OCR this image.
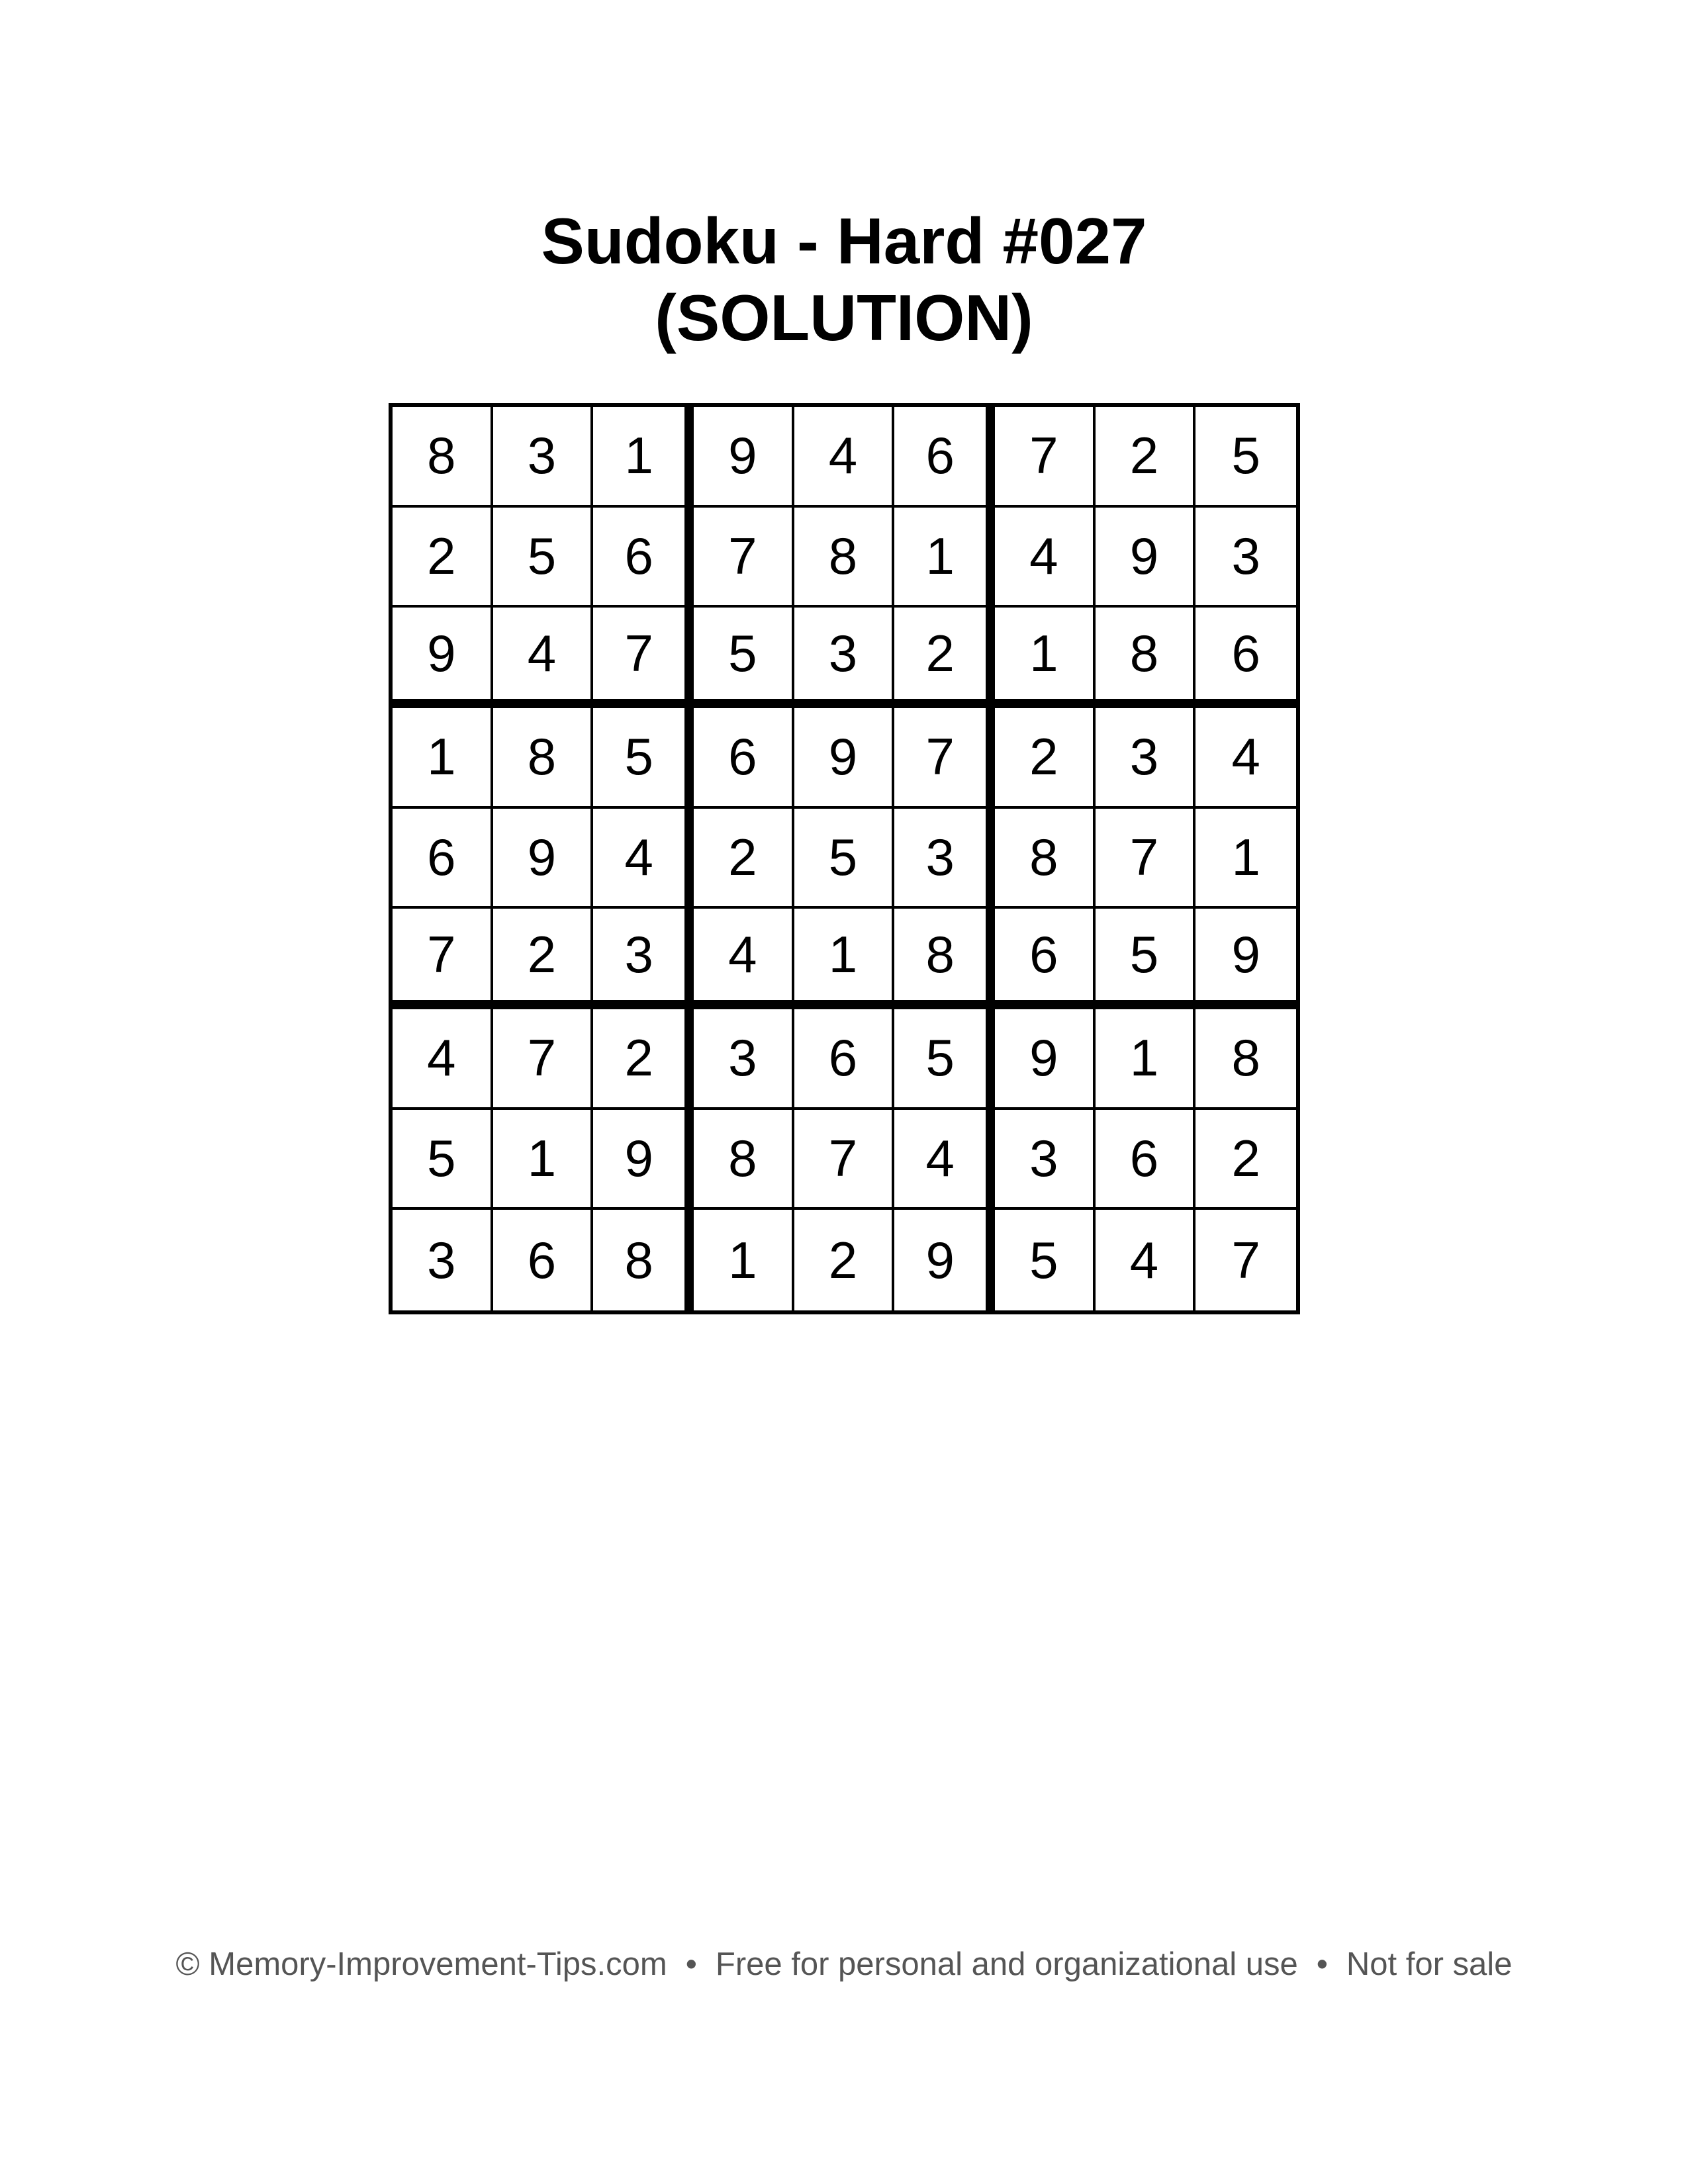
Sudoku - Hard #027
(SOLUTION)
8	3	1	9	4	6	7	2	5
2	5	6	7	8	1	4	9	3
9	4	7	5	3	2	1	8	6
1	8	5	6	9	7	2	3	4
6	9	4	2	5	3	8	7	1
7	2	3	4	1	8	6	5	9
4	7	2	3	6	5	9	1	8
5	1	9	8	7	4	3	6	2
3	6	8	1	2	9	5	4	7
© Memory-Improvement-Tips.com • Free for personal and organizational use • Not for sale
